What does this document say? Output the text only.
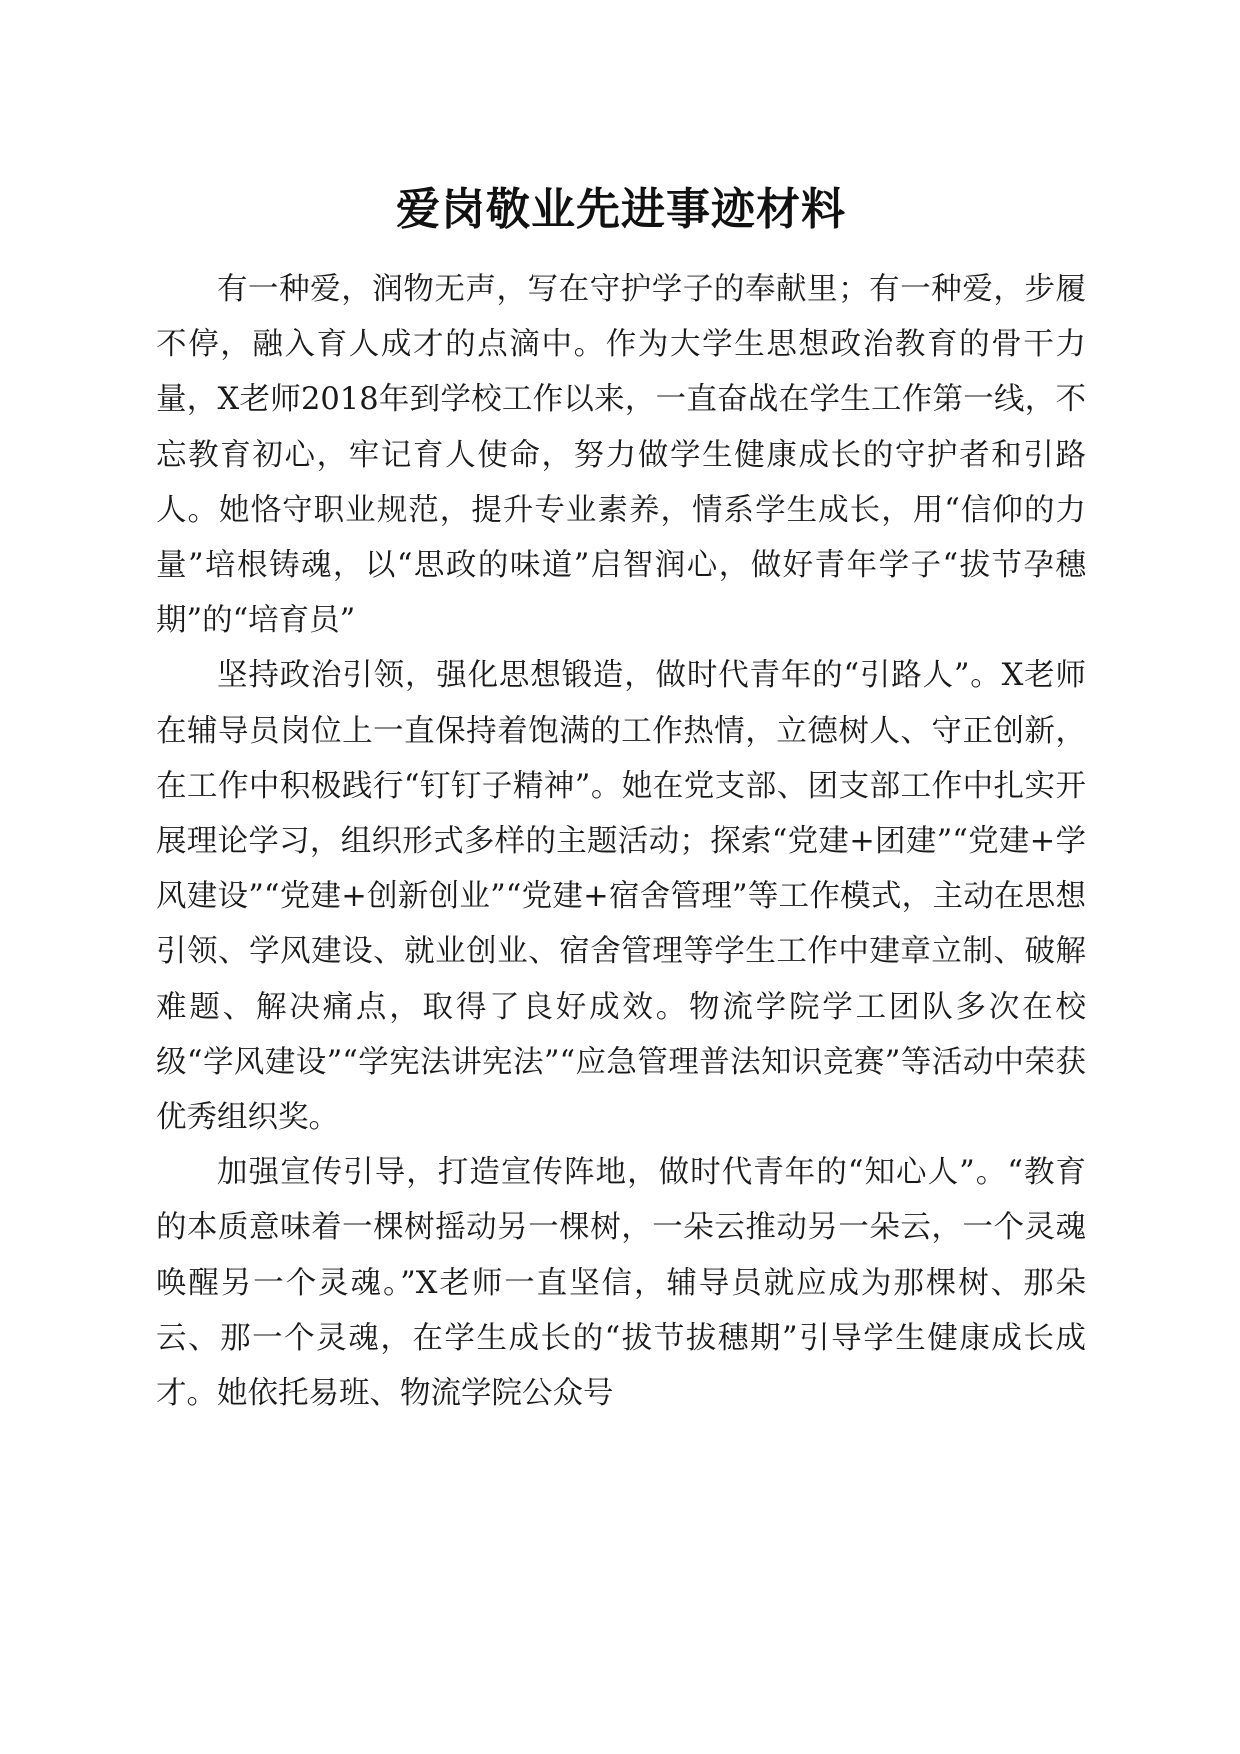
爱岗敬业先进事迹材料

有一种爱，润物无声，写在守护学子的奉献里；有一种爱，步履不停，融入育人成才的点滴中。作为大学生思想政治教育的骨干力量，X老师2018年到学校工作以来，一直奋战在学生工作第一线，不忘教育初心，牢记育人使命，努力做学生健康成长的守护者和引路人。她恪守职业规范，提升专业素养，情系学生成长，用“信仰的力量”培根铸魂，以“思政的味道”启智润心，做好青年学子“拔节孕穗期”的“培育员”

坚持政治引领，强化思想锻造，做时代青年的“引路人”。X老师在辅导员岗位上一直保持着饱满的工作热情，立德树人、守正创新，在工作中积极践行“钉钉子精神”。她在党支部、团支部工作中扎实开展理论学习，组织形式多样的主题活动；探索“党建+团建”“党建+学风建设”“党建+创新创业”“党建+宿舍管理”等工作模式，主动在思想引领、学风建设、就业创业、宿舍管理等学生工作中建章立制、破解难题、解决痛点，取得了良好成效。物流学院学工团队多次在校级“学风建设”“学宪法讲宪法”“应急管理普法知识竞赛”等活动中荣获优秀组织奖。

加强宣传引导，打造宣传阵地，做时代青年的“知心人”。“教育的本质意味着一棵树摇动另一棵树，一朵云推动另一朵云，一个灵魂唤醒另一个灵魂。”X老师一直坚信，辅导员就应成为那棵树、那朵云、那一个灵魂，在学生成长的“拔节拔穗期”引导学生健康成长成才。她依托易班、物流学院公众号
